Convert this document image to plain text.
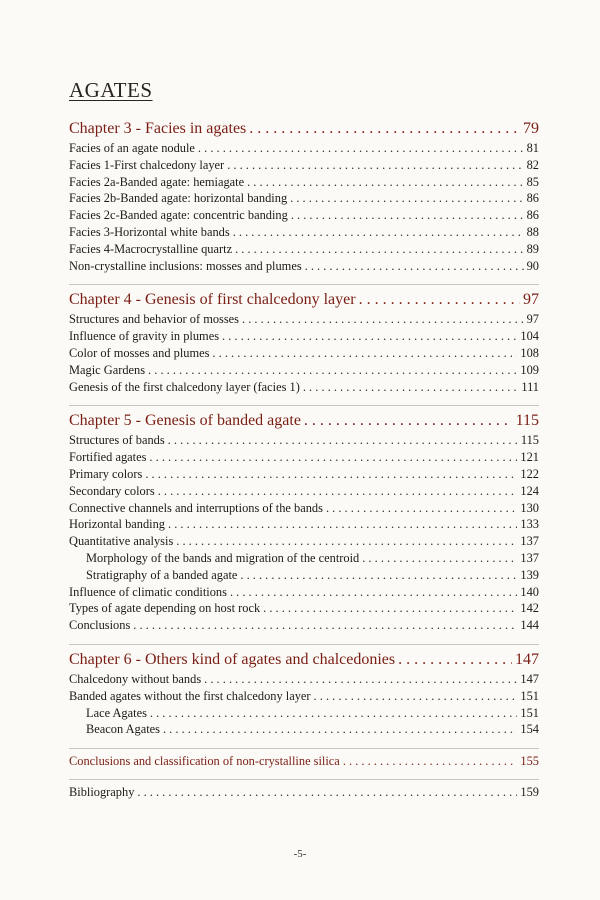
AGATES
Chapter 3 - Facies in agates . . .	79
Facies of an agate nodule . . .	81
Facies 1-First chalcedony layer . . .	82
Facies 2a-Banded agate: hemiagate . . .	85
Facies 2b-Banded agate: horizontal banding . . .	86
Facies 2c-Banded agate: concentric banding . . .	86
Facies 3-Horizontal white bands . . .	88
Facies 4-Macrocrystalline quartz . . .	89
Non-crystalline inclusions: mosses and plumes . . .	90
Chapter 4 - Genesis of first chalcedony layer . . .	97
Structures and behavior of mosses . . .	97
Influence of gravity in plumes . . .	104
Color of mosses and plumes . . .	108
Magic Gardens . . .	109
Genesis of the first chalcedony layer (facies 1) . . .	111
Chapter 5 - Genesis of banded agate . . .	115
Structures of bands . . .	115
Fortified agates . . .	121
Primary colors . . .	122
Secondary colors . . .	124
Connective channels and interruptions of the bands . . .	130
Horizontal banding . . .	133
Quantitative analysis . . .	137
Morphology of the bands and migration of the centroid . . .	137
Stratigraphy of a banded agate . . .	139
Influence of climatic conditions . . .	140
Types of agate depending on host rock . . .	142
Conclusions . . .	144
Chapter 6 - Others kind of agates and chalcedonies . . .	147
Chalcedony without bands . . .	147
Banded agates without the first chalcedony layer . . .	151
Lace Agates . . .	151
Beacon Agates . . .	154
Conclusions and classification of non-crystalline silica . . .	155
Bibliography . . .	159
-5-
